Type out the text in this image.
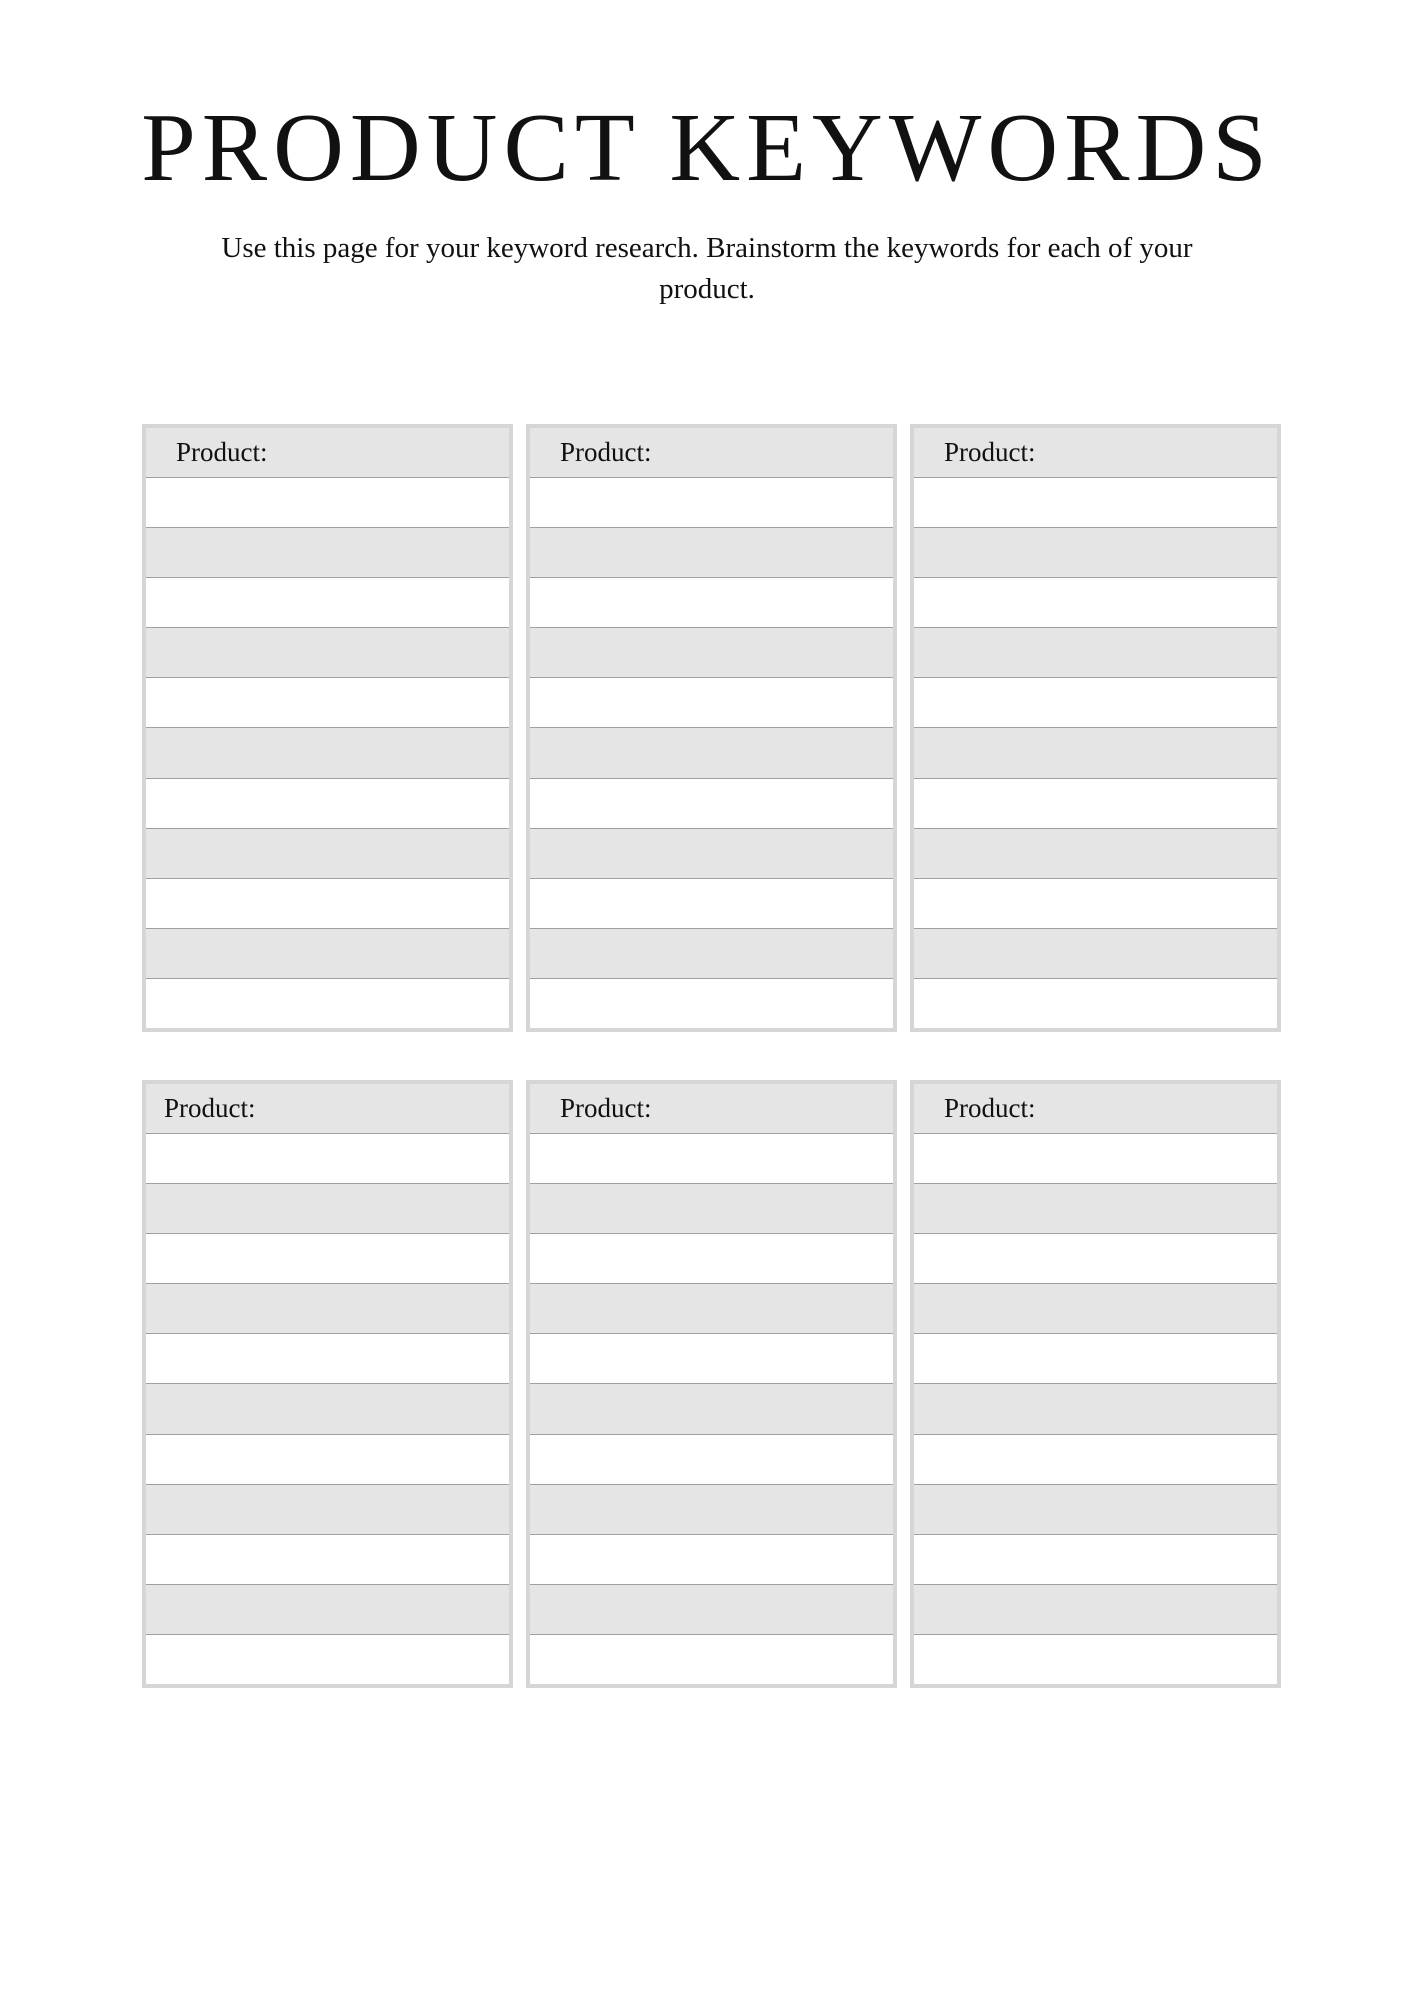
PRODUCT KEYWORDS
Use this page for your keyword research. Brainstorm the keywords for each of your product.
Product:	Product:	Product:
Product:	Product:	Product:
